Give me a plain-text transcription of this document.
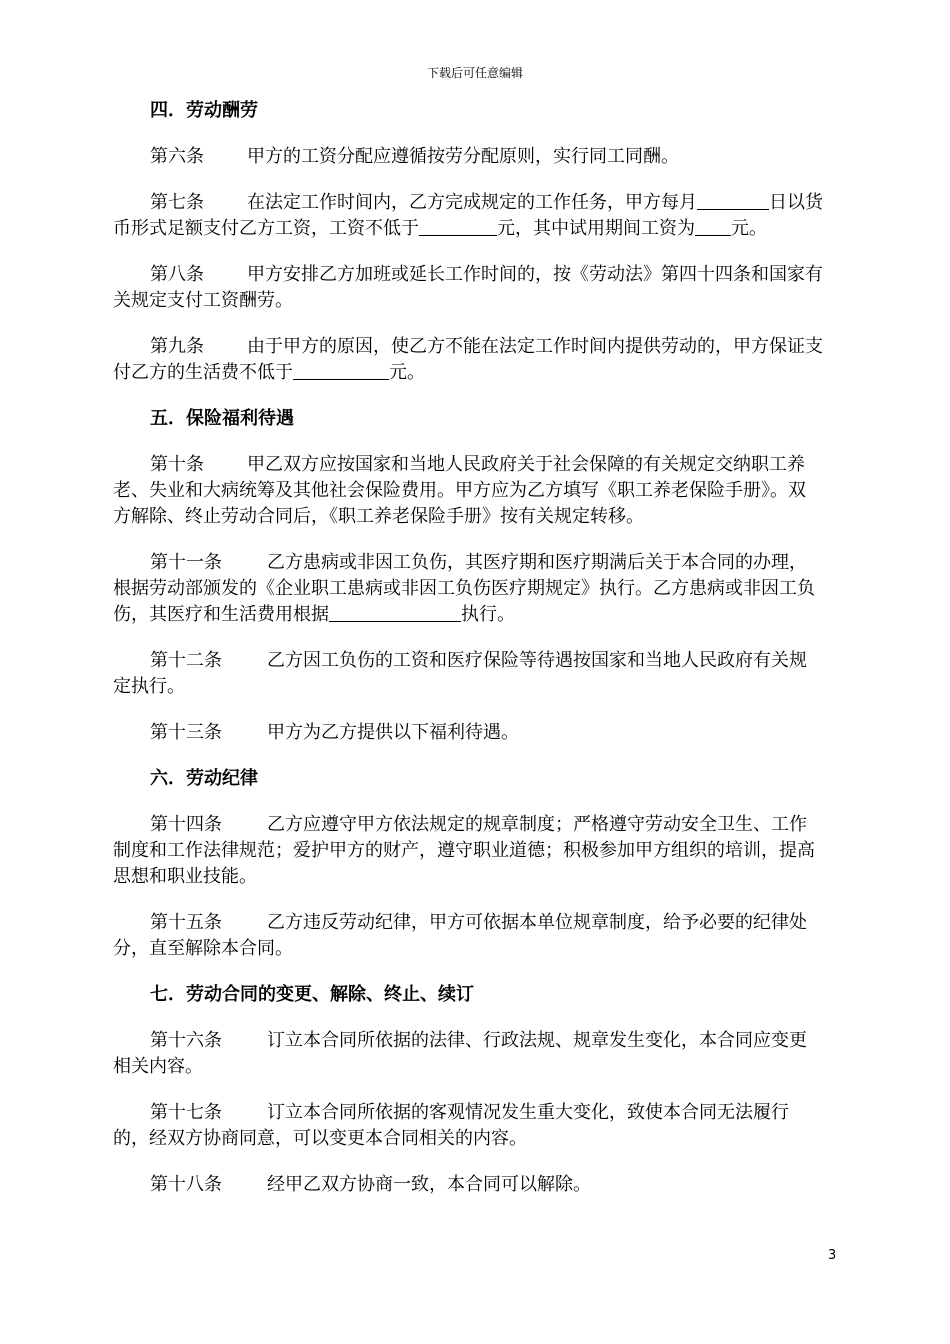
下载后可任意编辑
四．劳动酬劳

第六条 甲方的工资分配应遵循按劳分配原则，实行同工同酬。

第七条 在法定工作时间内，乙方完成规定的工作任务，甲方每月	日以货币形式足额支付乙方工资，工资不低于	元，其中试用期间工资为 元。

第八条 甲方安排乙方加班或延长工作时间的，按《劳动法》第四十四条和国家有关规定支付工资酬劳。

第九条 由于甲方的原因，使乙方不能在法定工作时间内提供劳动的，甲方保证支付乙方的生活费不低于	元。

五．保险福利待遇

第十条 甲乙双方应按国家和当地人民政府关于社会保障的有关规定交纳职工养老、失业和大病统筹及其他社会保险费用。甲方应为乙方填写《职工养老保险手册》。双方解除、终止劳动合同后，《职工养老保险手册》按有关规定转移。

第十一条	乙方患病或非因工负伤，其医疗期和医疗期满后关于本合同的办理，根据劳动部颁发的《企业职工患病或非因工负伤医疗期规定》执行。乙方患病或非因工负伤，其医疗和生活费用根据	执行。

第十二条	乙方因工负伤的工资和医疗保险等待遇按国家和当地人民政府有关规定执行。

第十三条	甲方为乙方提供以下福利待遇。

六．劳动纪律

第十四条	乙方应遵守甲方依法规定的规章制度；严格遵守劳动安全卫生、工作制度和工作法律规范；爱护甲方的财产，遵守职业道德；积极参加甲方组织的培训，提高思想和职业技能。

第十五条	乙方违反劳动纪律，甲方可依据本单位规章制度，给予必要的纪律处分，直至解除本合同。

七．劳动合同的变更、解除、终止、续订

第十六条	订立本合同所依据的法律、行政法规、规章发生变化，本合同应变更相关内容。

第十七条	订立本合同所依据的客观情况发生重大变化，致使本合同无法履行的，经双方协商同意，可以变更本合同相关的内容。

第十八条	经甲乙双方协商一致，本合同可以解除。

3
